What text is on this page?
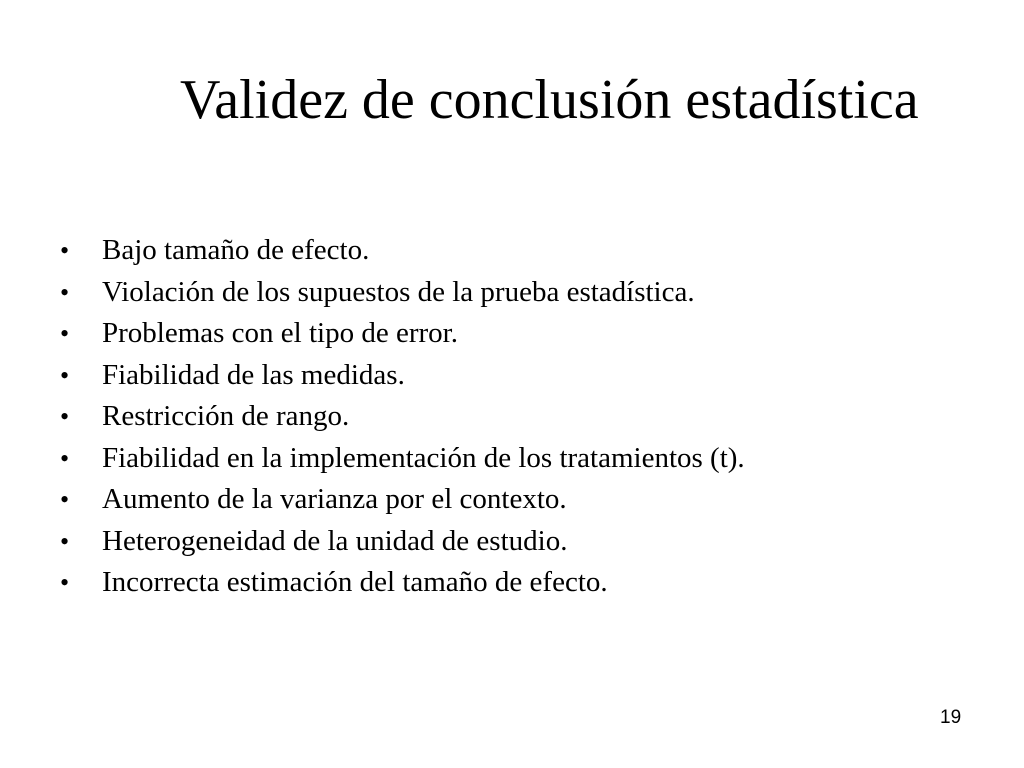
Validez de conclusión estadística
•	Bajo tamaño de efecto.
•	Violación de los supuestos de la prueba estadística.
•	Problemas con el tipo de error.
•	Fiabilidad de las medidas.
•	Restricción de rango.
•	Fiabilidad en la implementación de los tratamientos (t).
•	Aumento de la varianza por el contexto.
•	Heterogeneidad de la unidad de estudio.
•	Incorrecta estimación del tamaño de efecto.
19
